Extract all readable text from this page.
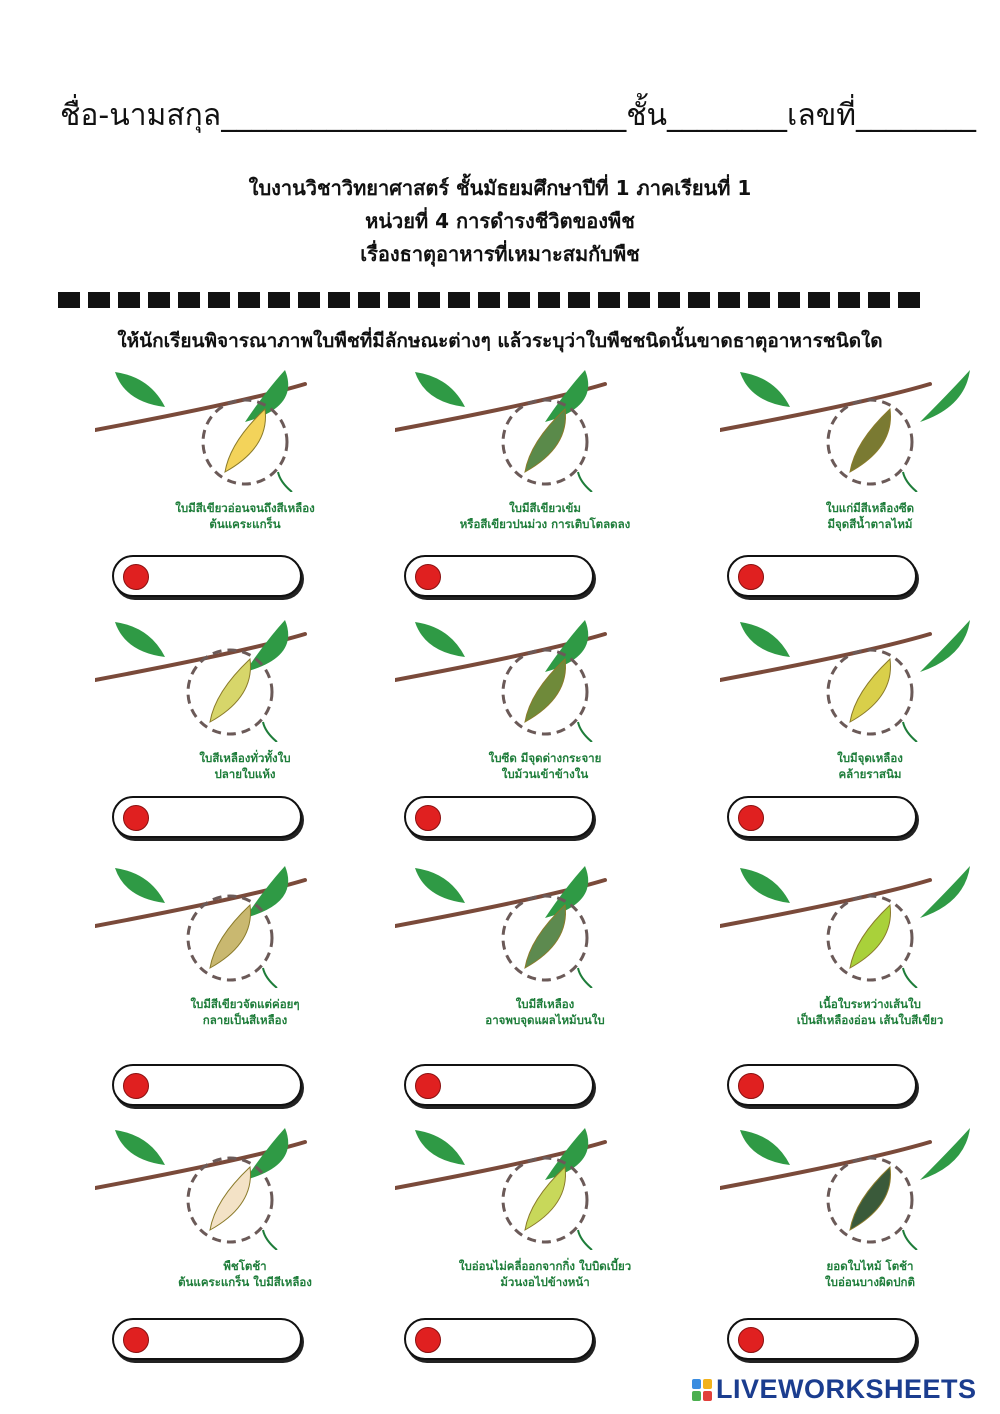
ชื่อ-นามสกุล___________________________ชั้น________เลขที่________
ใบงานวิชาวิทยาศาสตร์ ชั้นมัธยมศึกษาปีที่ 1 ภาคเรียนที่ 1
หน่วยที่ 4 การดำรงชีวิตของพืช
เรื่องธาตุอาหารที่เหมาะสมกับพืช
ให้นักเรียนพิจารณาภาพใบพืชที่มีลักษณะต่างๆ แล้วระบุว่าใบพืชชนิดนั้นขาดธาตุอาหารชนิดใด
ใบมีสีเขียวอ่อนจนถึงสีเหลือง
ต้นแคระแกร็น
ใบมีสีเขียวเข้ม
หรือสีเขียวปนม่วง การเติบโตลดลง
ใบแก่มีสีเหลืองซีด
มีจุดสีน้ำตาลไหม้
ใบสีเหลืองทั่วทั้งใบ
ปลายใบแห้ง
ใบซีด มีจุดด่างกระจาย
ใบม้วนเข้าข้างใน
ใบมีจุดเหลือง
คล้ายราสนิม
ใบมีสีเขียวจัดแต่ค่อยๆ
กลายเป็นสีเหลือง
ใบมีสีเหลือง
อาจพบจุดแผลไหม้บนใบ
เนื้อใบระหว่างเส้นใบ
เป็นสีเหลืองอ่อน เส้นใบสีเขียว
พืชโตช้า
ต้นแคระแกร็น ใบมีสีเหลือง
ใบอ่อนไม่คลี่ออกจากกิ่ง ใบบิดเบี้ยว
ม้วนงอไปข้างหน้า
ยอดใบไหม้ โตช้า
ใบอ่อนบางผิดปกติ
LIVEWORKSHEETS
